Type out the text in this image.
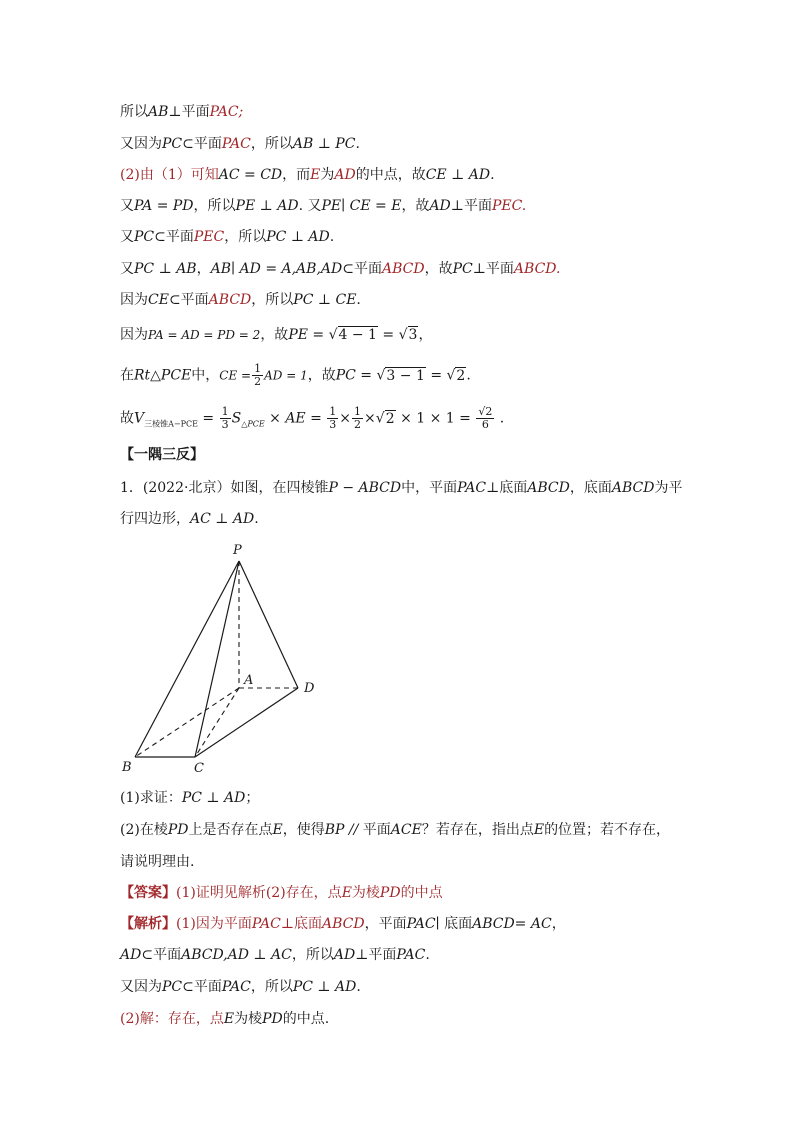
所以AB⊥平面PAC;
又因为PC⊂平面PAC，所以AB ⊥ PC.
(2)由（1）可知AC = CD，而E为AD的中点，故CE ⊥ AD.
又PA = PD，所以PE ⊥ AD. 又PE∣ CE = E，故AD⊥平面PEC.
又PC⊂平面PEC，所以PC ⊥ AD.
又PC ⊥ AB，AB∣ AD = A,AB,AD⊂平面ABCD，故PC⊥平面ABCD.
因为CE⊂平面ABCD，所以PC ⊥ CE.
因为PA = AD = PD = 2，故PE = √4 − 1 = √3，
在Rt△PCE中，CE = $\frac{1}{2}$ AD = 1，故PC = √3 − 1 = √2.
故$V_{三棱锥A-PCE} = \frac{1}{3} S_{\triangle PCE}$ × AE = $\frac{1}{3} \times \frac{1}{2} \times√2 \times 1 \times 1 = \frac{√2}{6}$ .
【一隅三反】
1．(2022·北京）如图，在四棱锥P − ABCD中，平面PAC⊥底面ABCD，底面ABCD为平
行四边形，AC ⊥ AD.
P
A
D
B	C
(1)求证：PC ⊥ AD；
(2)在棱PD上是否存在点E，使得BP // 平面ACE？若存在，指出点E的位置；若不存在，
请说明理由.
【答案】(1)证明见解析(2)存在，点E为棱PD的中点
【解析】(1)因为平面PAC⊥底面ABCD，平面PAC∣ 底面ABCD= AC，
AD⊂平面ABCD,AD ⊥ AC，所以AD⊥平面PAC.
又因为PC⊂平面PAC，所以PC ⊥ AD.
(2)解：存在，点E为棱PD的中点.
